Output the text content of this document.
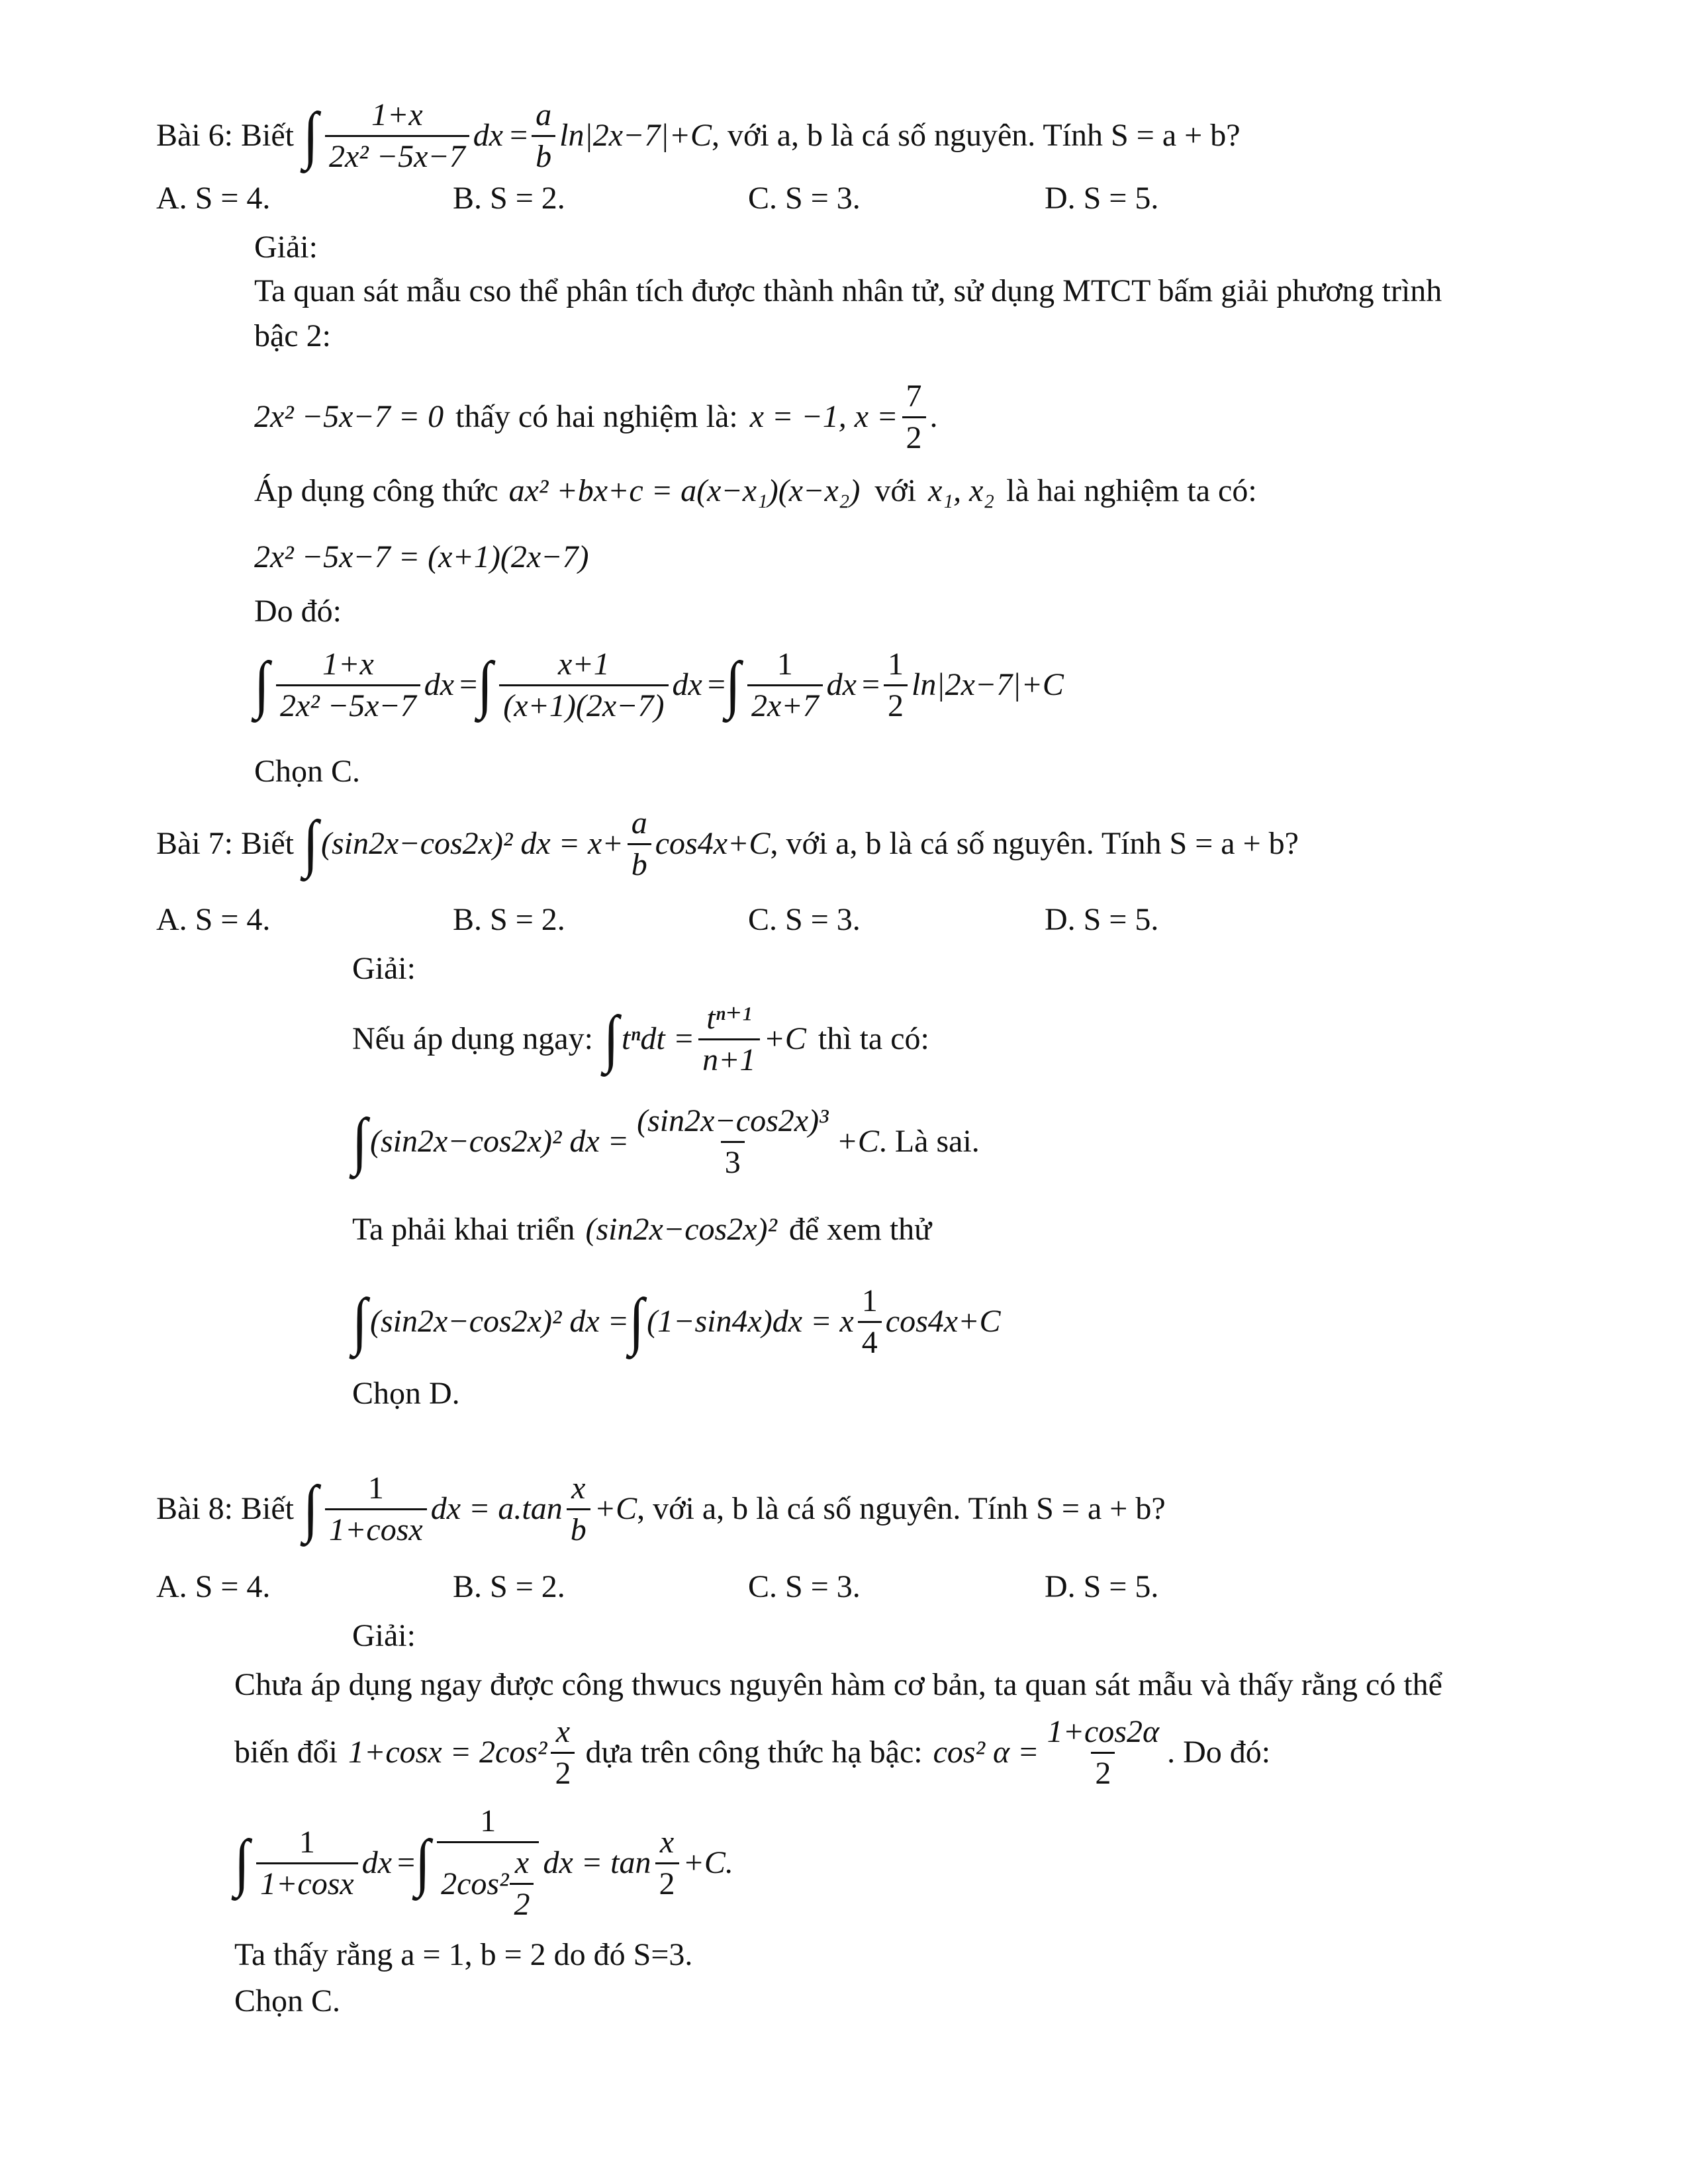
Bài 6: Biết ∫ $\frac{1+x}{\text{2x² −5x−7}}$ dx = $\frac{a}{b} \ln|2x-7|+C$ , với a, b là cá số nguyên. Tính S = a + b?
A. S = 4.	B. S = 2.	C. S = 3.	D. S = 5.
Giải:
Ta quan sát mẫu cso thể phân tích được thành nhân tử, sử dụng MTCT bấm giải phương trình
bậc 2:
2x² −5x−7 = 0 thấy có hai nghiệm là: x = −1, $x = \frac{7}{2}$ .
Áp dụng công thức ax² +bx+c = a(x−x₁)(x−x₂) với x₁, x₂ là hai nghiệm ta có:
2x² −5x−7 = (x+1)(2x−7)
Do đó:
∫ $\frac{1+x}{\text{2x² −5x−7}}$ dx = ∫ $\frac{x+1}{(x+1)(2x-7)}$ dx = ∫ $\frac{1}{2x+7}$ dx = $\frac{1}{2} \ln|2x-7|+C$
Chọn C.
Bài 7: Biết ∫ (sin2x−cos2x)² dx = $x+ \frac{a}{b} \cos 4x+C$ , với a, b là cá số nguyên. Tính S = a + b?
A. S = 4.	B. S = 2.	C. S = 3.	D. S = 5.
Giải:
Nếu áp dụng ngay: ∫ $t^ndt = \frac{\text{tⁿ⁺¹}}{n+1} +C$ thì ta có:
∫ (sin2x−cos2x)² dx = $\frac{\text{(sin2x−cos2x)³}}{3} +C$ . Là sai.
Ta phải khai triển (sin2x−cos2x)² để xem thử
∫ (sin2x−cos2x)² dx = ∫ (1−sin4x)dx = x $\frac{1}{4} \cos 4x+C$
Chọn D.
Bài 8: Biết ∫ $\frac{1}{1+\cos x}$ dx = $a.\tan \frac{x}{b} +C$ , với a, b là cá số nguyên. Tính S = a + b?
A. S = 4.	B. S = 2.	C. S = 3.	D. S = 5.
Giải:
Chưa áp dụng ngay được công thwucs nguyên hàm cơ bản, ta quan sát mẫu và thấy rằng có thể
biến đổi $1+\cos x = 2\cos^2 \frac{x}{2}$ dựa trên công thức hạ bậc: cos² $\alpha = \frac{1+\cos 2\alpha}{2}$ . Do đó:
∫ $\frac{1}{1+\cos x}$ dx = ∫ $\frac{1}{2\cos^2 \frac{x}{2}}$ dx = $\tan \frac{x}{2} +C$.
Ta thấy rằng a = 1, b = 2 do đó S=3.
Chọn C.
